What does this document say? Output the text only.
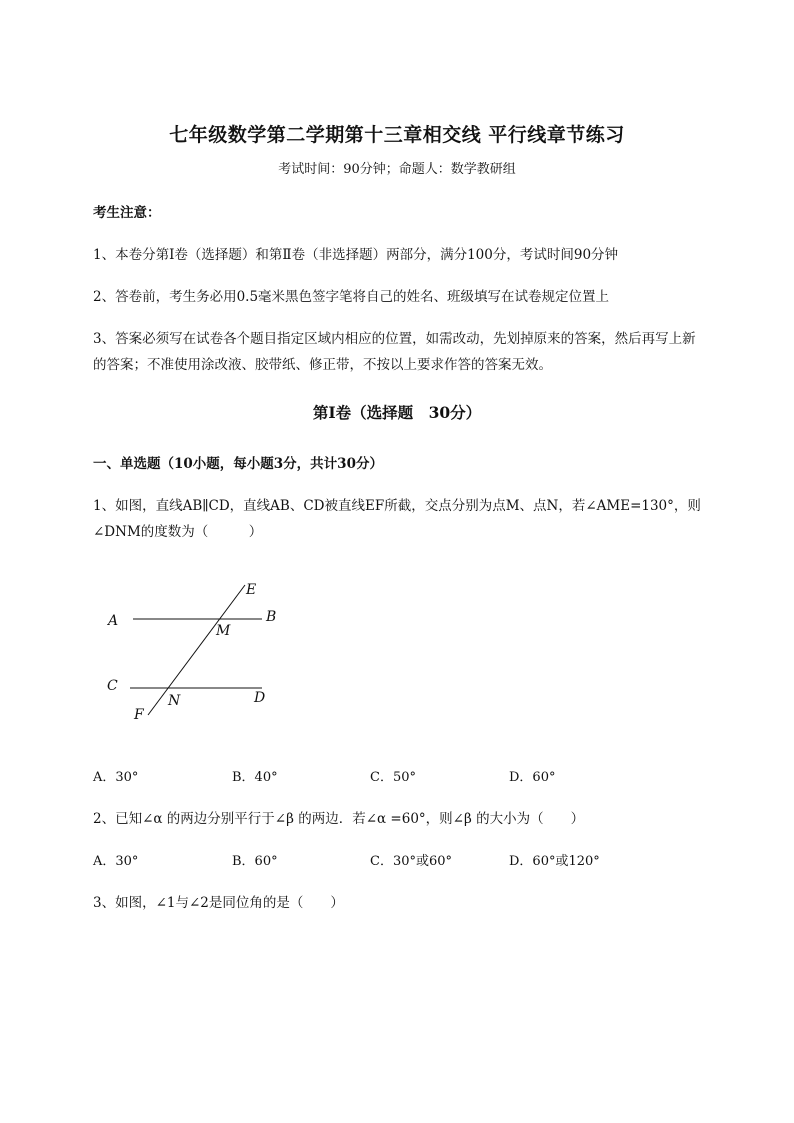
七年级数学第二学期第十三章相交线 平行线章节练习
考试时间：90分钟；命题人：数学教研组
考生注意：
1、本卷分第I卷（选择题）和第Ⅱ卷（非选择题）两部分，满分100分，考试时间90分钟
2、答卷前，考生务必用0.5毫米黑色签字笔将自己的姓名、班级填写在试卷规定位置上
3、答案必须写在试卷各个题目指定区域内相应的位置，如需改动，先划掉原来的答案，然后再写上新
的答案；不准使用涂改液、胶带纸、修正带，不按以上要求作答的答案无效。
第I卷（选择题　30分）
一、单选题（10小题，每小题3分，共计30分）
1、如图，直线AB∥CD，直线AB、CD被直线EF所截，交点分别为点M、点N，若∠AME=130°，则
∠DNM的度数为（　　　）
A	B
C
D
E
F
M
N
A．30°	B．40°	C．50°	D．60°
2、已知∠α 的两边分别平行于∠β 的两边．若∠α =60°，则∠β 的大小为（　　）
A．30°	B．60°	C．30°或60°	D．60°或120°
3、如图，∠1与∠2是同位角的是（　　）
